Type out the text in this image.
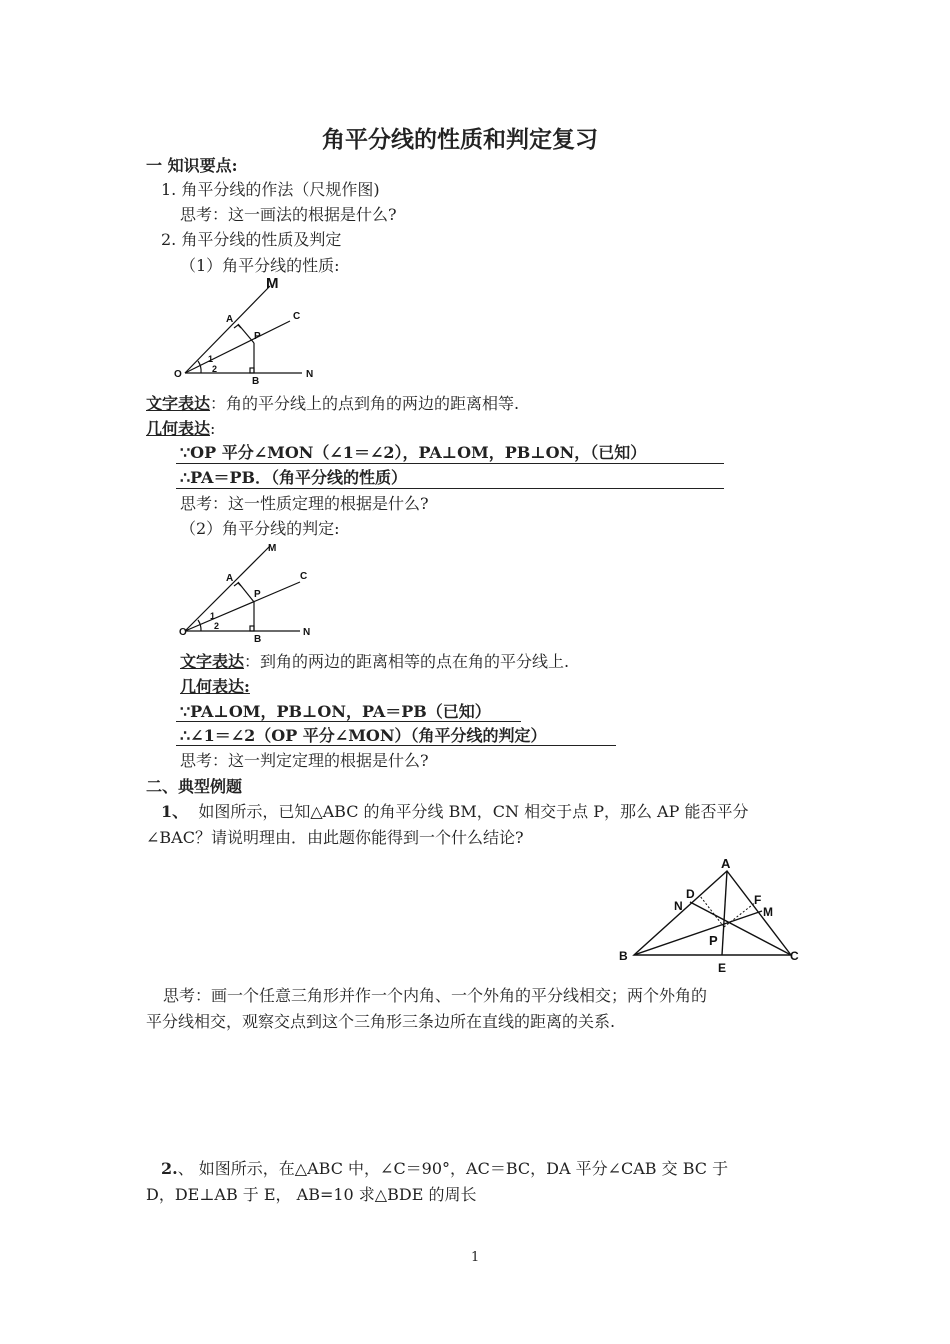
角平分线的性质和判定复习
一 知识要点:
1. 角平分线的作法（尺规作图)
思考：这一画法的根据是什么?
2. 角平分线的性质及判定
（1）角平分线的性质:
M
A	C
P
O	N
B
1
2
文字表达：角的平分线上的点到角的两边的距离相等.
几何表达:
∵OP 平分∠MON（∠1＝∠2），PA⊥OM，PB⊥ON，（已知）
∴PA＝PB．（角平分线的性质）
思考：这一性质定理的根据是什么?
（2）角平分线的判定:
M
A	C
P
O	N
B
1
2
文字表达：到角的两边的距离相等的点在角的平分线上.
几何表达:
∵PA⊥OM，PB⊥ON，PA＝PB（已知）
∴∠1＝∠2（OP 平分∠MON）（角平分线的判定）
思考：这一判定定理的根据是什么?
二、典型例题
1、 如图所示，已知△ABC 的角平分线 BM，CN 相交于点 P，那么 AP 能否平分
∠BAC？请说明理由．由此题你能得到一个什么结论?
A
D	F
N	M
P
B
E
C
思考：画一个任意三角形并作一个内角、一个外角的平分线相交；两个外角的
平分线相交，观察交点到这个三角形三条边所在直线的距离的关系.
2.、 如图所示，在△ABC 中，∠C＝90°，AC＝BC，DA 平分∠CAB 交 BC 于
D，DE⊥AB 于 E， AB=10 求△BDE 的周长
1
